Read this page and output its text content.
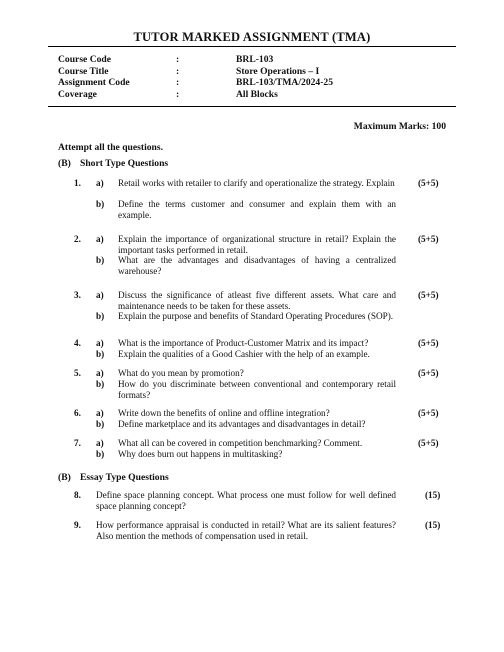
TUTOR MARKED ASSIGNMENT (TMA)
Course Code	:	BRL-103
Course Title	:	Store Operations – I
Assignment Code	:	BRL-103/TMA/2024-25
Coverage	:	All Blocks
Maximum Marks: 100
Attempt all the questions.
(B) Short Type Questions
1. a) Retail works with retailer to clarify and operationalize the strategy. Explain	(5+5)
b) Define the terms customer and consumer and explain them with an example.
2. a) Explain the importance of organizational structure in retail? Explain the important tasks performed in retail.
(5+5)
b) What are the advantages and disadvantages of having a centralized warehouse?
3. a) Discuss the significance of atleast five different assets. What care and maintenance needs to be taken for these assets.
(5+5)
b) Explain the purpose and benefits of Standard Operating Procedures (SOP).
4. a) What is the importance of Product-Customer Matrix and its impact?	(5+5)
b) Explain the qualities of a Good Cashier with the help of an example.
5. a) What do you mean by promotion?	(5+5)
b) How do you discriminate between conventional and contemporary retail formats?
6. a) Write down the benefits of online and offline integration?	(5+5)
b) Define marketplace and its advantages and disadvantages in detail?
7. a) What all can be covered in competition benchmarking? Comment.	(5+5)
b) Why does burn out happens in multitasking?
(B) Essay Type Questions
8. Define space planning concept. What process one must follow for well defined space planning concept?
(15)
9. How performance appraisal is conducted in retail? What are its salient features? Also mention the methods of compensation used in retail.
(15)
